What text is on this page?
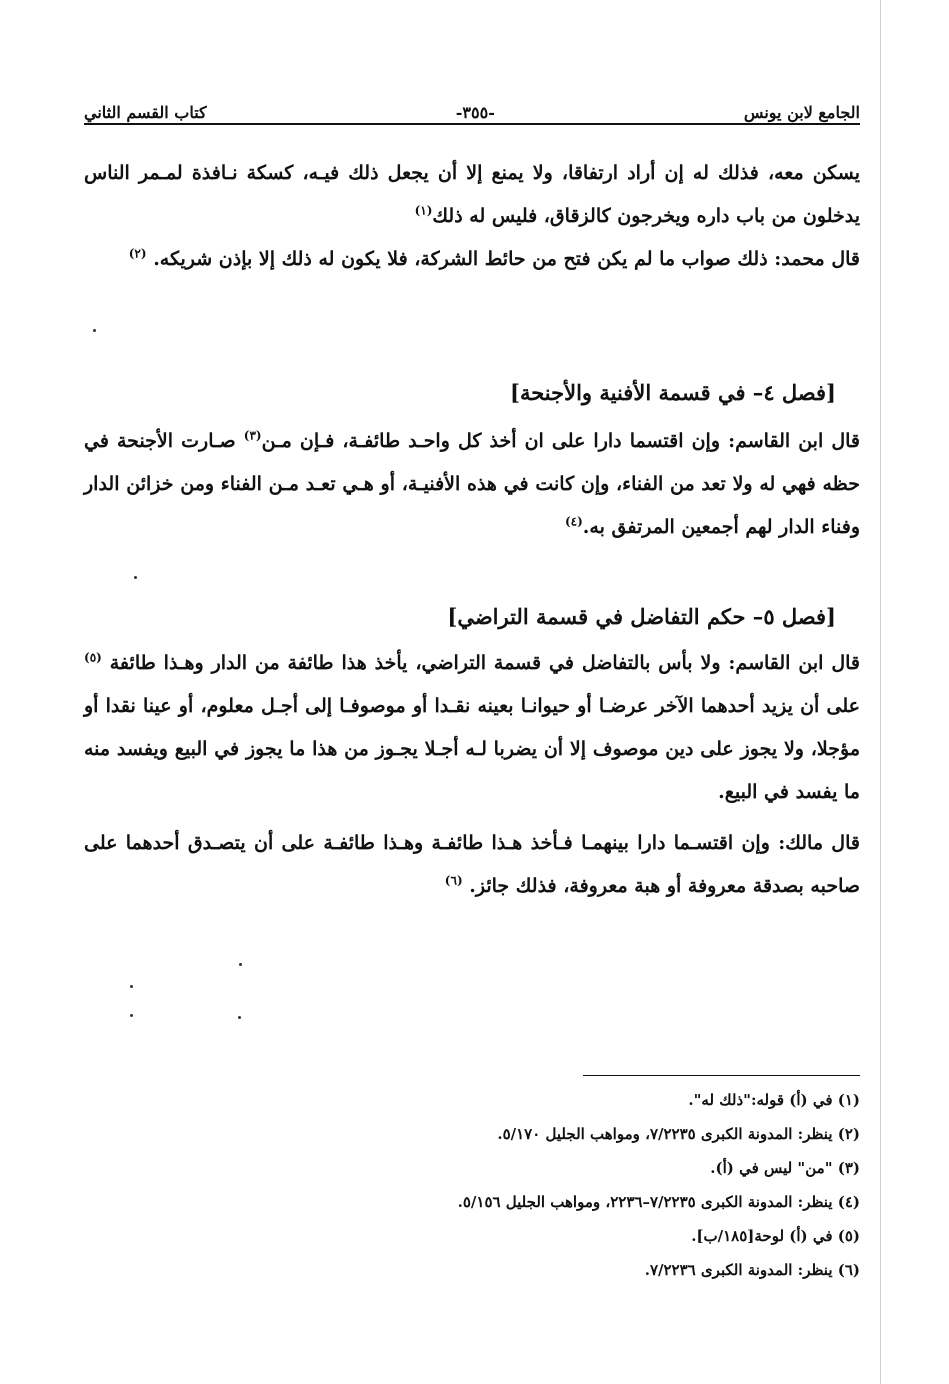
الجامع لابن يونس
-٣٥٥-
كتاب القسم الثاني
يسكن معه، فذلك له إن أراد ارتفاقا، ولا يمنع إلا أن يجعل ذلك فيـه، كسكة نـافذة لمـمر الناس يدخلون من باب داره ويخرجون كالزقاق، فليس له ذلك$^{(١)}$
قال محمد: ذلك صواب ما لم يكن فتح من حائط الشركة، فلا يكون له ذلك إلا بإذن شريكه. $^{(٢)}$
[فصل ٤– في قسمة الأفنية والأجنحة]
قال ابن القاسم: وإن اقتسما دارا على ان أخذ كل واحـد طائفـة، فـإن مـن$^{(٣)}$ صـارت الأجنحة في حظه فهي له ولا تعد من الفناء، وإن كانت في هذه الأفنيـة، أو هـي تعـد مـن الفناء ومن خزائن الدار وفناء الدار لهم أجمعين المرتفق به.$^{(٤)}$
[فصل ٥– حكم التفاضل في قسمة التراضي]
قال ابن القاسم: ولا بأس بالتفاضل في قسمة التراضي، يأخذ هذا طائفة من الدار وهـذا طائفة $^{(٥)}$ على أن يزيد أحدهما الآخر عرضـا أو حيوانـا بعينه نقـدا أو موصوفـا إلى أجـل معلوم، أو عينا نقدا أو مؤجلا، ولا يجوز على دين موصوف إلا أن يضربا لـه أجـلا يجـوز من هذا ما يجوز في البيع ويفسد منه ما يفسد في البيع.
قال مالك: وإن اقتسـما دارا بينهمـا فـأخذ هـذا طائفـة وهـذا طائفـة على أن يتصـدق أحدهما على صاحبه بصدقة معروفة أو هبة معروفة، فذلك جائز. $^{(٦)}$
(١) في (أ) قوله:"ذلك له".
(٢) ينظر: المدونة الكبرى ٧/٢٢٣٥، ومواهب الجليل ٥/١٧٠.
(٣) "من" ليس في (أ).
(٤) ينظر: المدونة الكبرى ٧/٢٢٣٥–٢٢٣٦، ومواهب الجليل ٥/١٥٦.
(٥) في (أ) لوحة[١٨٥/ب].
(٦) ينظر: المدونة الكبرى ٧/٢٢٣٦.
